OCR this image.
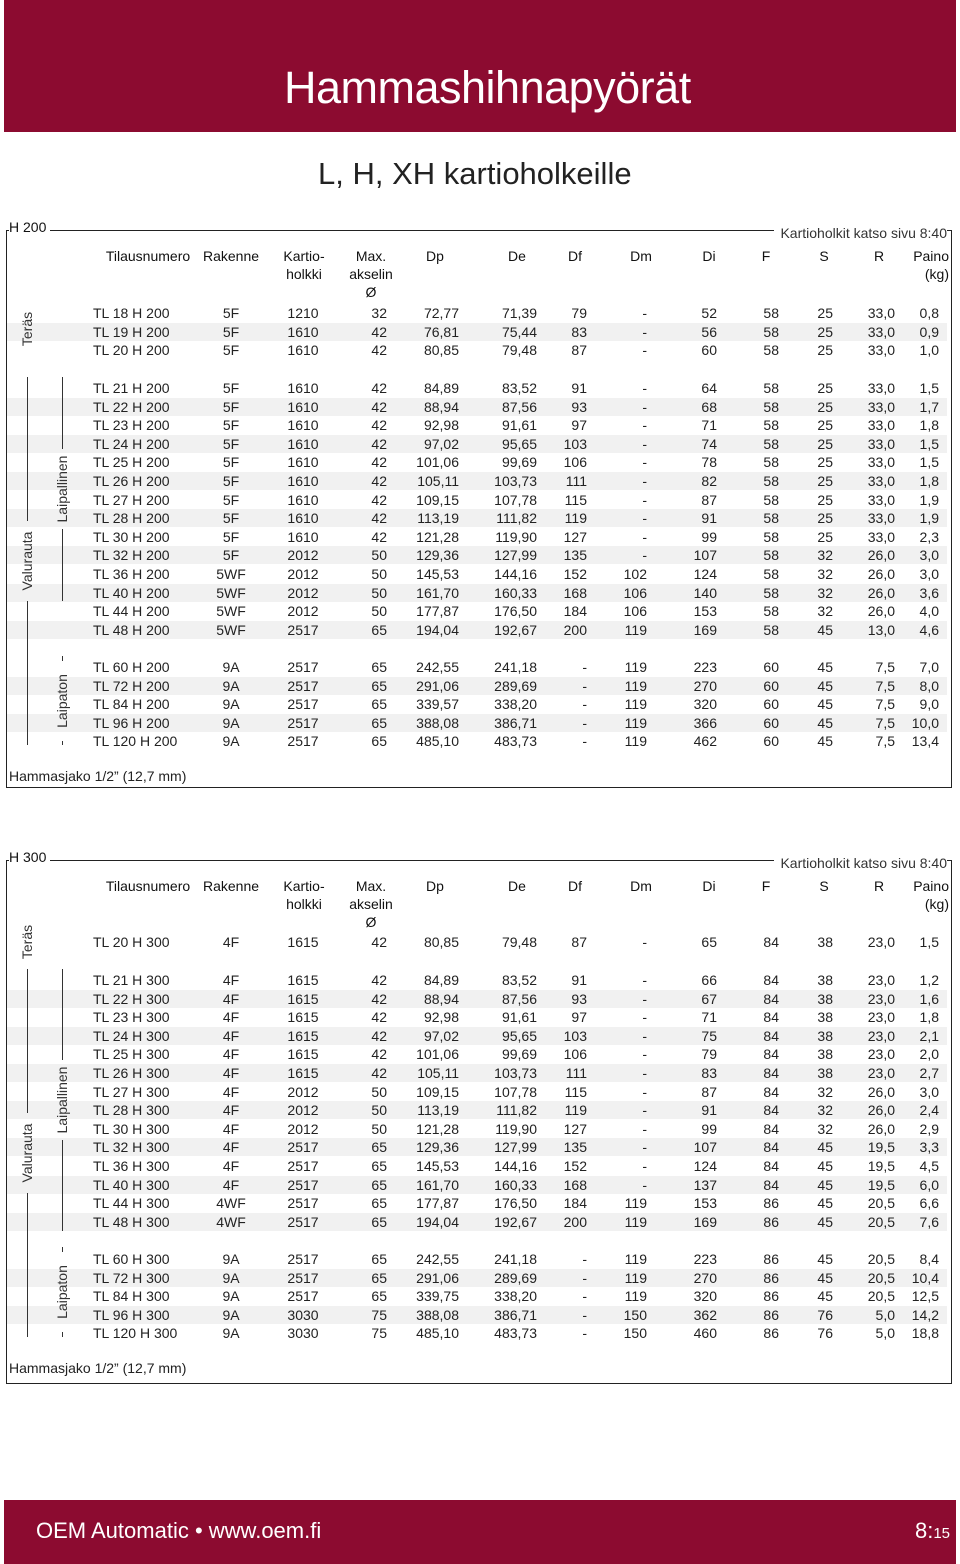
Hammashihnapyörät
L, H, XH kartioholkeille
H 200	Kartioholkit katso sivu 8:40
Tilausnumero Rakenne	Kartio-
holkki
Max.
akselin
Ø
Dp	De	Df	Dm	Di	F	S	R	Paino
(kg)
TL 18 H 200	5F	1210	32	72,77	71,39	79	-	52	58	25	33,0	0,8
TL 19 H 200	5F	1610	42	76,81	75,44	83	-	56	58	25	33,0	0,9
TL 20 H 200	5F	1610	42	80,85	79,48	87	-	60	58	25	33,0	1,0
TL 21 H 200	5F	1610	42	84,89	83,52	91	-	64	58	25	33,0	1,5
TL 22 H 200	5F	1610	42	88,94	87,56	93	-	68	58	25	33,0	1,7
TL 23 H 200	5F	1610	42	92,98	91,61	97	-	71	58	25	33,0	1,8
TL 24 H 200	5F	1610	42	97,02	95,65	103	-	74	58	25	33,0	1,5
TL 25 H 200	5F	1610	42	101,06	99,69	106	-	78	58	25	33,0	1,5
TL 26 H 200	5F	1610	42	105,11	103,73	111	-	82	58	25	33,0	1,8
TL 27 H 200	5F	1610	42	109,15	107,78	115	-	87	58	25	33,0	1,9
TL 28 H 200	5F	1610	42	113,19	111,82	119	-	91	58	25	33,0	1,9
TL 30 H 200	5F	1610	42	121,28	119,90	127	-	99	58	25	33,0	2,3
TL 32 H 200	5F	2012	50	129,36	127,99	135	-	107	58	32	26,0	3,0
TL 36 H 200	5WF	2012	50	145,53	144,16	152	102	124	58	32	26,0	3,0
TL 40 H 200	5WF	2012	50	161,70	160,33	168	106	140	58	32	26,0	3,6
TL 44 H 200	5WF	2012	50	177,87	176,50	184	106	153	58	32	26,0	4,0
TL 48 H 200	5WF	2517	65	194,04	192,67	200	119	169	58	45	13,0	4,6
TL 60 H 200	9A	2517	65	242,55	241,18	-	119	223	60	45	7,5	7,0
TL 72 H 200	9A	2517	65	291,06	289,69	-	119	270	60	45	7,5	8,0
TL 84 H 200	9A	2517	65	339,57	338,20	-	119	320	60	45	7,5	9,0
TL 96 H 200	9A	2517	65	388,08	386,71	-	119	366	60	45	7,5	10,0
TL 120 H 200	9A	2517	65	485,10	483,73	-	119	462	60	45	7,5	13,4
Teräs
Valurauta
Laipallinen
Laipaton
Hammasjako 1/2” (12,7 mm)
H 300	Kartioholkit katso sivu 8:40
Tilausnumero Rakenne	Kartio-
holkki
Max.
akselin
Ø
Dp	De	Df	Dm	Di	F	S	R	Paino
(kg)
TL 20 H 300	4F	1615	42	80,85	79,48	87	-	65	84	38	23,0	1,5
TL 21 H 300	4F	1615	42	84,89	83,52	91	-	66	84	38	23,0	1,2
TL 22 H 300	4F	1615	42	88,94	87,56	93	-	67	84	38	23,0	1,6
TL 23 H 300	4F	1615	42	92,98	91,61	97	-	71	84	38	23,0	1,8
TL 24 H 300	4F	1615	42	97,02	95,65	103	-	75	84	38	23,0	2,1
TL 25 H 300	4F	1615	42	101,06	99,69	106	-	79	84	38	23,0	2,0
TL 26 H 300	4F	1615	42	105,11	103,73	111	-	83	84	38	23,0	2,7
TL 27 H 300	4F	2012	50	109,15	107,78	115	-	87	84	32	26,0	3,0
TL 28 H 300	4F	2012	50	113,19	111,82	119	-	91	84	32	26,0	2,4
TL 30 H 300	4F	2012	50	121,28	119,90	127	-	99	84	32	26,0	2,9
TL 32 H 300	4F	2517	65	129,36	127,99	135	-	107	84	45	19,5	3,3
TL 36 H 300	4F	2517	65	145,53	144,16	152	-	124	84	45	19,5	4,5
TL 40 H 300	4F	2517	65	161,70	160,33	168	-	137	84	45	19,5	6,0
TL 44 H 300	4WF	2517	65	177,87	176,50	184	119	153	86	45	20,5	6,6
TL 48 H 300	4WF	2517	65	194,04	192,67	200	119	169	86	45	20,5	7,6
TL 60 H 300	9A	2517	65	242,55	241,18	-	119	223	86	45	20,5	8,4
TL 72 H 300	9A	2517	65	291,06	289,69	-	119	270	86	45	20,5	10,4
TL 84 H 300	9A	2517	65	339,75	338,20	-	119	320	86	45	20,5	12,5
TL 96 H 300	9A	3030	75	388,08	386,71	-	150	362	86	76	5,0	14,2
TL 120 H 300	9A	3030	75	485,10	483,73	-	150	460	86	76	5,0	18,8
Teräs
Valurauta
Laipallinen
Laipaton
Hammasjako 1/2” (12,7 mm)
OEM Automatic • www.oem.fi	8:15
